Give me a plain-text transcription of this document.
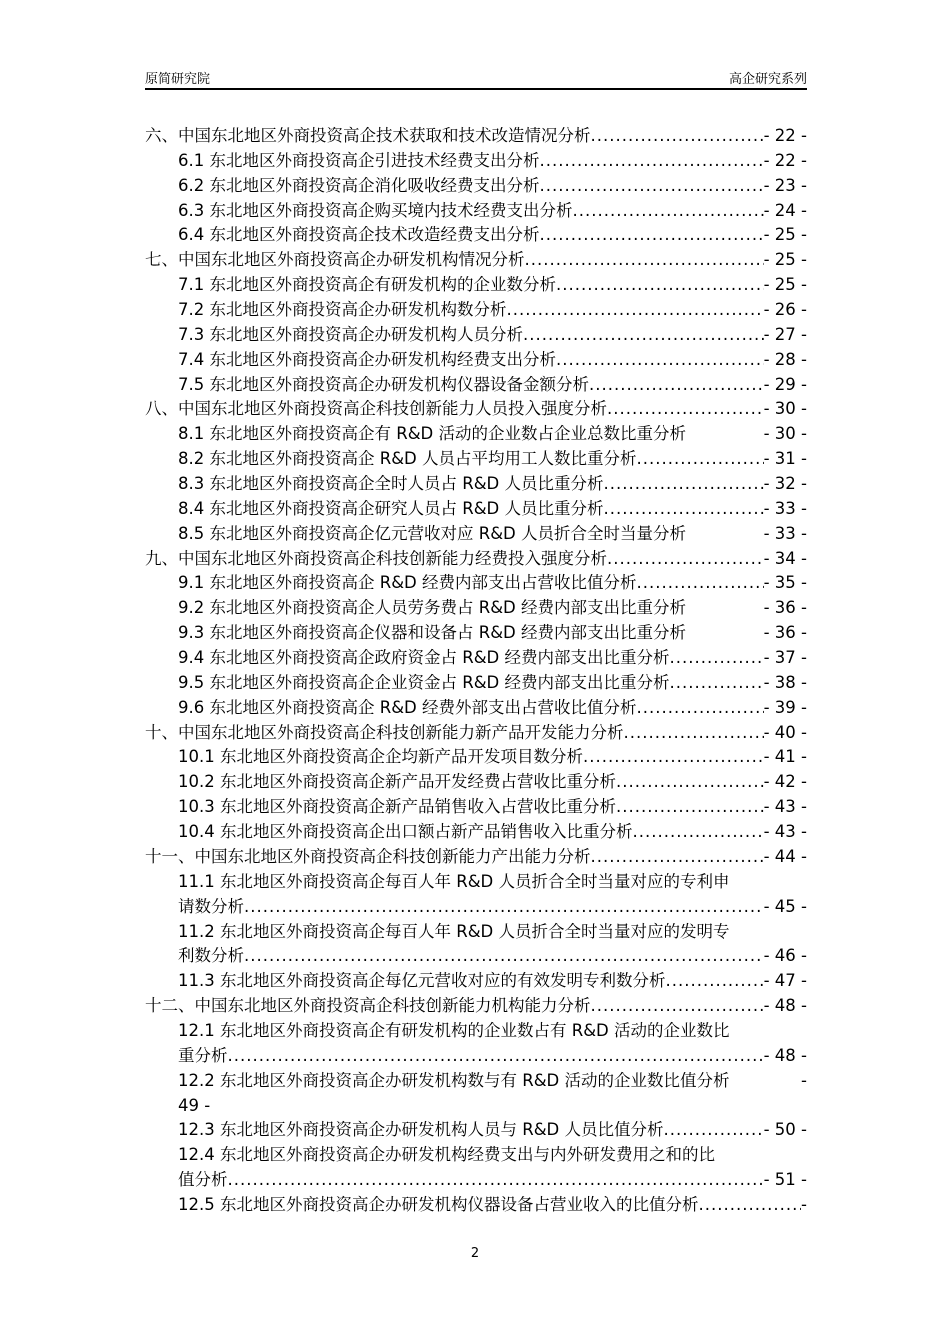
原简研究院	高企研究系列
六、中国东北地区外商投资高企技术获取和技术改造情况分析
.....	- 22 -
6.1 东北地区外商投资高企引进技术经费支出分析
.....	- 22 -
6.2 东北地区外商投资高企消化吸收经费支出分析
.....	- 23 -
6.3 东北地区外商投资高企购买境内技术经费支出分析
.....	- 24 -
6.4 东北地区外商投资高企技术改造经费支出分析
.....	- 25 -
七、中国东北地区外商投资高企办研发机构情况分析
.....	- 25 -
7.1 东北地区外商投资高企有研发机构的企业数分析
.....	- 25 -
7.2 东北地区外商投资高企办研发机构数分析
.....	- 26 -
7.3 东北地区外商投资高企办研发机构人员分析
.....	- 27 -
7.4 东北地区外商投资高企办研发机构经费支出分析
.....	- 28 -
7.5 东北地区外商投资高企办研发机构仪器设备金额分析
.....	- 29 -
八、中国东北地区外商投资高企科技创新能力人员投入强度分析
.....	- 30 -
8.1 东北地区外商投资高企有 R&D 活动的企业数占企业总数比重分析	- 30 -
8.2 东北地区外商投资高企 R&D 人员占平均用工人数比重分析
.....	- 31 -
8.3 东北地区外商投资高企全时人员占 R&D 人员比重分析
.....	- 32 -
8.4 东北地区外商投资高企研究人员占 R&D 人员比重分析
.....	- 33 -
8.5 东北地区外商投资高企亿元营收对应 R&D 人员折合全时当量分析	- 33 -
九、中国东北地区外商投资高企科技创新能力经费投入强度分析
.....	- 34 -
9.1 东北地区外商投资高企 R&D 经费内部支出占营收比值分析
.....	- 35 -
9.2 东北地区外商投资高企人员劳务费占 R&D 经费内部支出比重分析	- 36 -
9.3 东北地区外商投资高企仪器和设备占 R&D 经费内部支出比重分析	- 36 -
9.4 东北地区外商投资高企政府资金占 R&D 经费内部支出比重分析
.....	- 37 -
9.5 东北地区外商投资高企企业资金占 R&D 经费内部支出比重分析
.....	- 38 -
9.6 东北地区外商投资高企 R&D 经费外部支出占营收比值分析
.....	- 39 -
十、中国东北地区外商投资高企科技创新能力新产品开发能力分析
.....	- 40 -
10.1 东北地区外商投资高企企均新产品开发项目数分析
.....	- 41 -
10.2 东北地区外商投资高企新产品开发经费占营收比重分析
.....	- 42 -
10.3 东北地区外商投资高企新产品销售收入占营收比重分析
.....	- 43 -
10.4 东北地区外商投资高企出口额占新产品销售收入比重分析
.....	- 43 -
十一、中国东北地区外商投资高企科技创新能力产出能力分析
.....	- 44 -
11.1 东北地区外商投资高企每百人年 R&D 人员折合全时当量对应的专利申
请数分析
.....	- 45 -
11.2 东北地区外商投资高企每百人年 R&D 人员折合全时当量对应的发明专
利数分析
.....	- 46 -
11.3 东北地区外商投资高企每亿元营收对应的有效发明专利数分析
.....	- 47 -
十二、中国东北地区外商投资高企科技创新能力机构能力分析
.....	- 48 -
12.1 东北地区外商投资高企有研发机构的企业数占有 R&D 活动的企业数比
重分析
.....	- 48 -
12.2 东北地区外商投资高企办研发机构数与有 R&D 活动的企业数比值分析	-
49 -
12.3 东北地区外商投资高企办研发机构人员与 R&D 人员比值分析
.....	- 50 -
12.4 东北地区外商投资高企办研发机构经费支出与内外研发费用之和的比
值分析
.....	- 51 -
12.5 东北地区外商投资高企办研发机构仪器设备占营业收入的比值分析
.....	-
2
